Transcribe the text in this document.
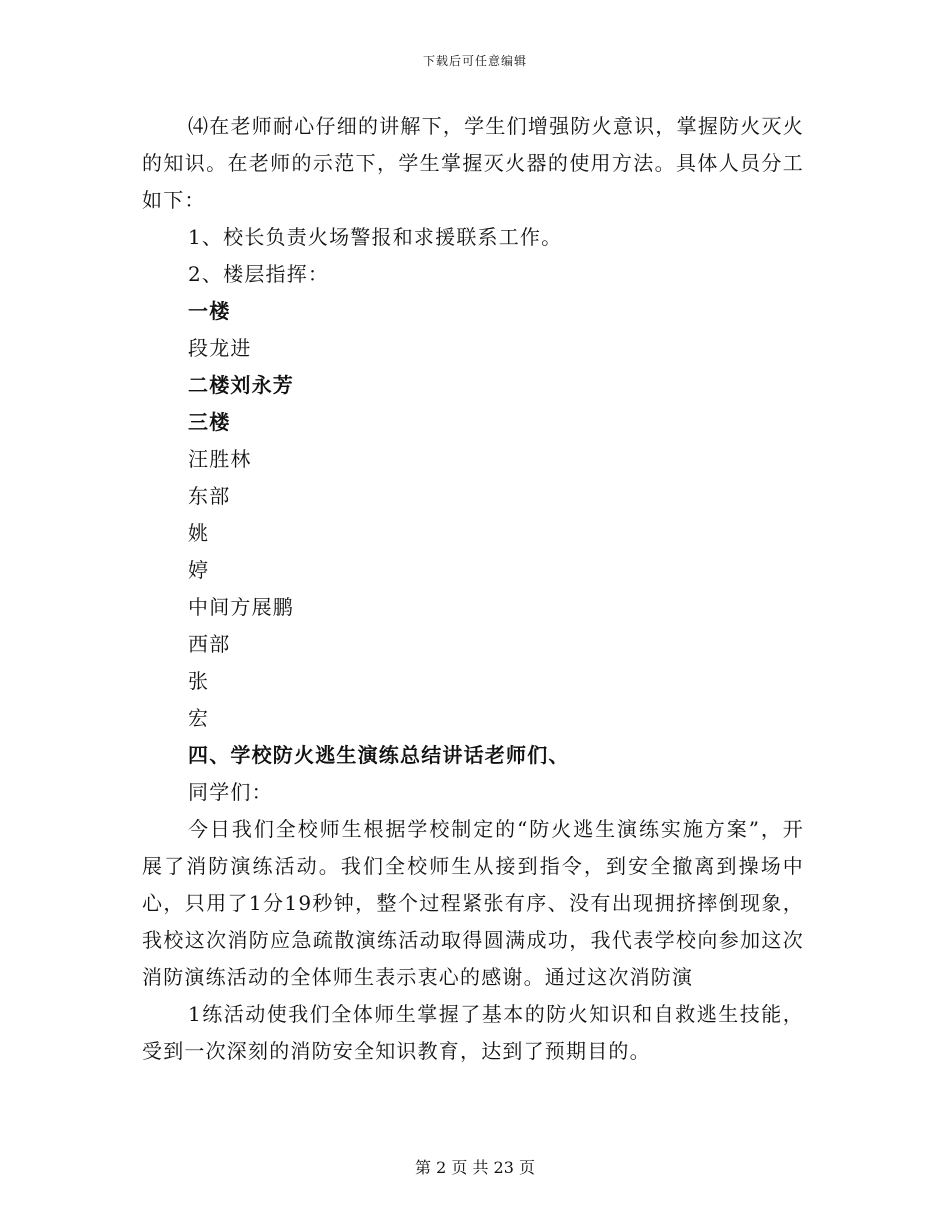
下载后可任意编辑

⑷在老师耐心仔细的讲解下，学生们增强防火意识，掌握防火灭火的知识。在老师的示范下，学生掌握灭火器的使用方法。具体人员分工如下：

1、校长负责火场警报和求援联系工作。

2、楼层指挥：

一楼

段龙进

二楼刘永芳

三楼

汪胜林

东部

姚

婷

中间方展鹏

西部

张

宏

四、学校防火逃生演练总结讲话老师们、

同学们：

今日我们全校师生根据学校制定的“防火逃生演练实施方案”，开展了消防演练活动。我们全校师生从接到指令，到安全撤离到操场中心，只用了1分19秒钟，整个过程紧张有序、没有出现拥挤摔倒现象，我校这次消防应急疏散演练活动取得圆满成功，我代表学校向参加这次消防演练活动的全体师生表示衷心的感谢。通过这次消防演

1练活动使我们全体师生掌握了基本的防火知识和自救逃生技能，受到一次深刻的消防安全知识教育，达到了预期目的。

第 2 页 共 23 页
